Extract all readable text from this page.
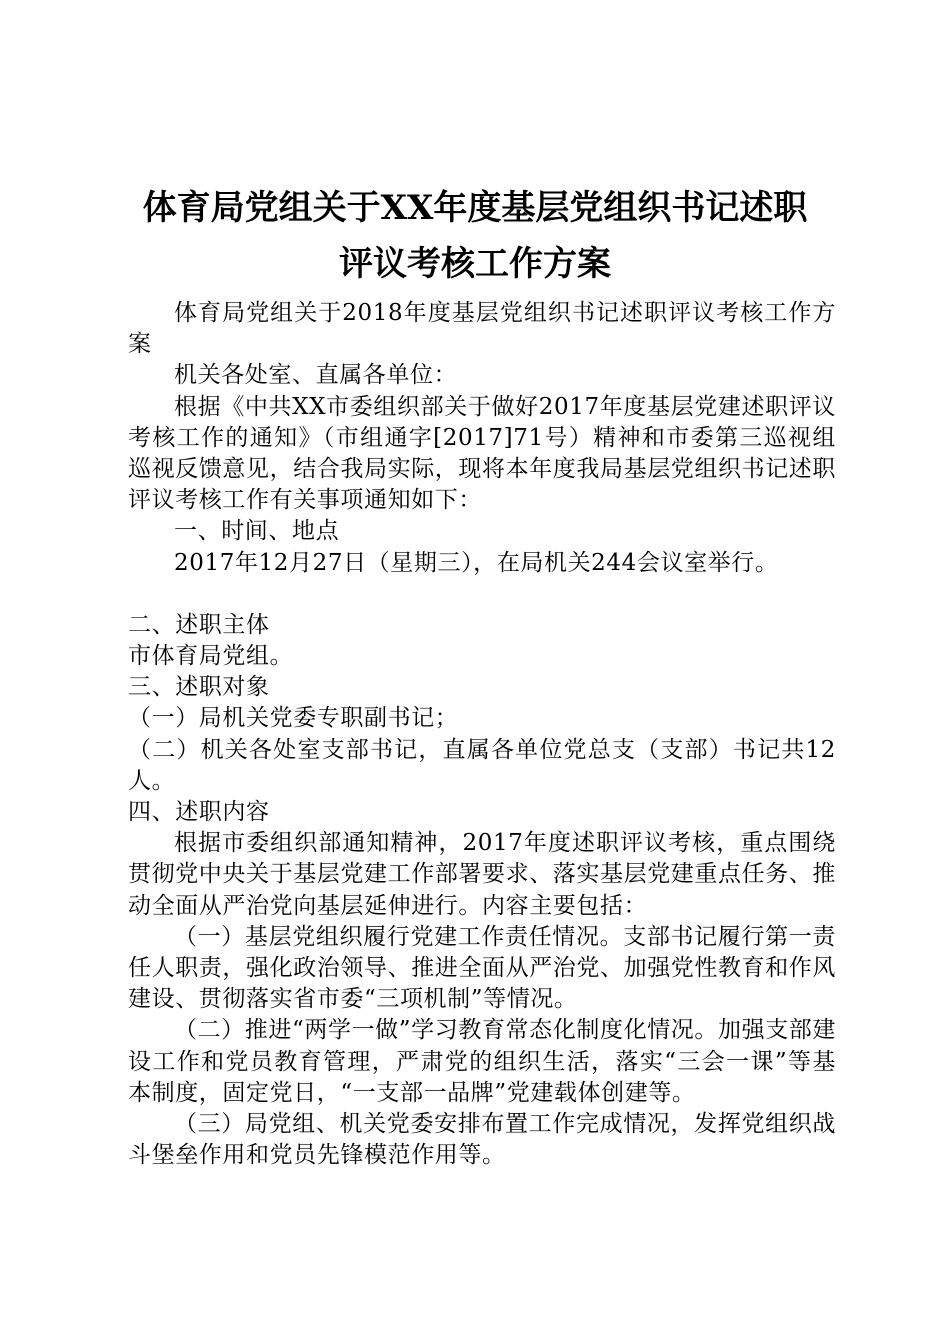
体育局党组关于XX年度基层党组织书记述职
评议考核工作方案

体育局党组关于2018年度基层党组织书记述职评议考核工作方案

机关各处室、直属各单位：

根据《中共XX市委组织部关于做好2017年度基层党建述职评议考核工作的通知》（市组通字[2017]71号）精神和市委第三巡视组巡视反馈意见，结合我局实际，现将本年度我局基层党组织书记述职评议考核工作有关事项通知如下：

一、时间、地点

2017年12月27日（星期三），在局机关244会议室举行。

二、述职主体

市体育局党组。

三、述职对象

（一）局机关党委专职副书记；

（二）机关各处室支部书记，直属各单位党总支（支部）书记共12人。

四、述职内容

根据市委组织部通知精神，2017年度述职评议考核，重点围绕贯彻党中央关于基层党建工作部署要求、落实基层党建重点任务、推动全面从严治党向基层延伸进行。内容主要包括：

（一）基层党组织履行党建工作责任情况。支部书记履行第一责任人职责，强化政治领导、推进全面从严治党、加强党性教育和作风建设、贯彻落实省市委“三项机制”等情况。

（二）推进“两学一做”学习教育常态化制度化情况。加强支部建设工作和党员教育管理，严肃党的组织生活，落实“三会一课”等基本制度，固定党日，“一支部一品牌”党建载体创建等。

（三）局党组、机关党委安排布置工作完成情况，发挥党组织战斗堡垒作用和党员先锋模范作用等。
